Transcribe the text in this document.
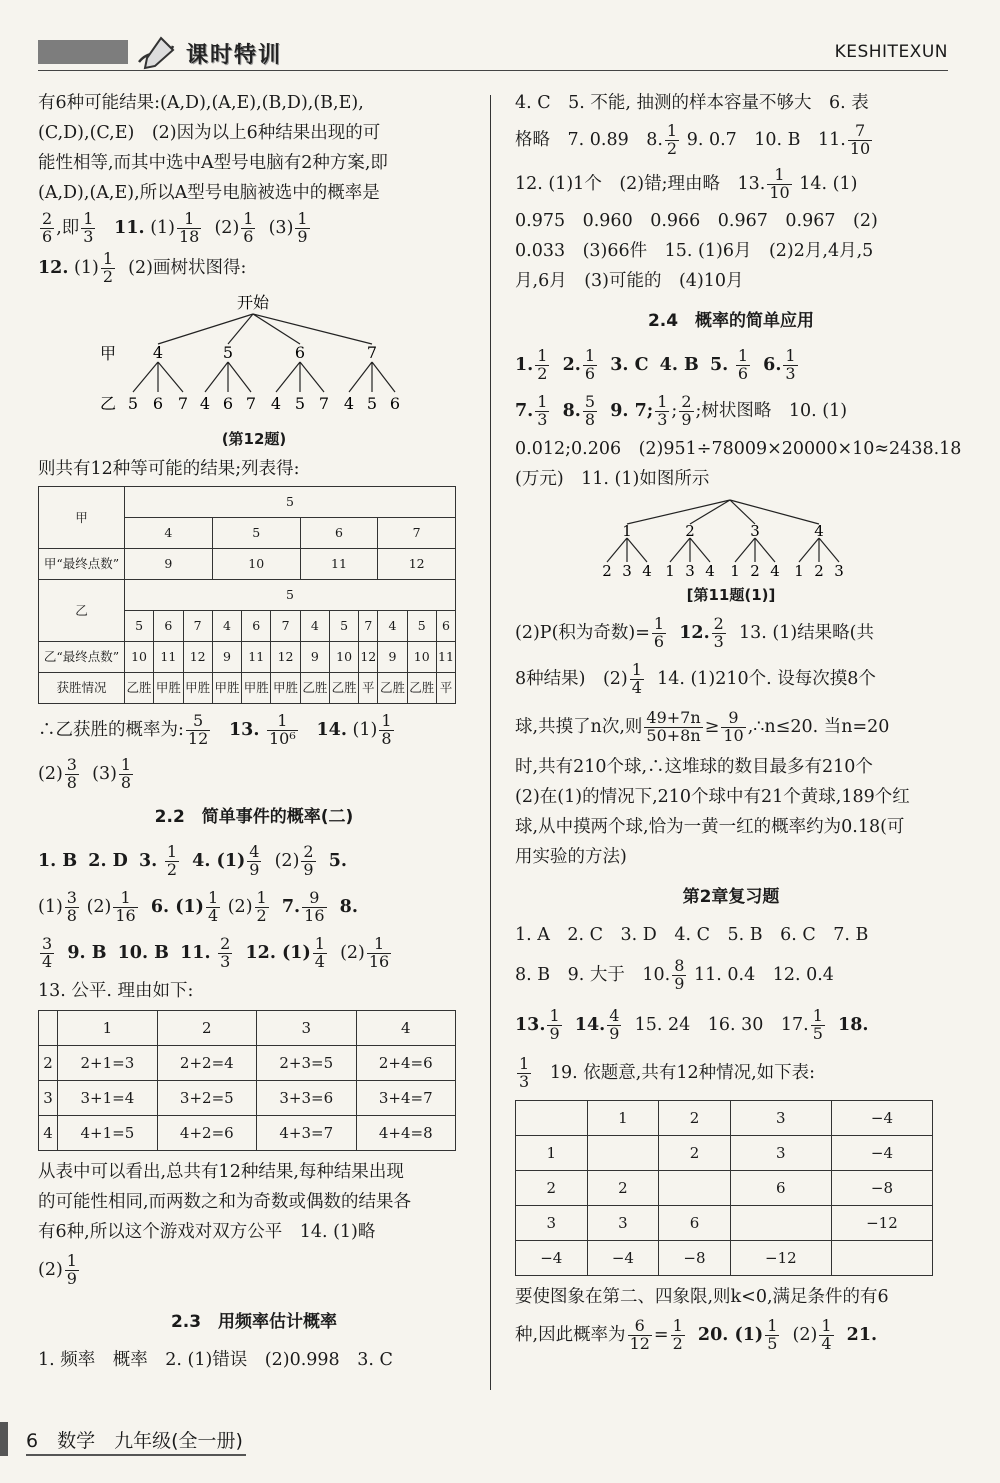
课时特训	KESHITEXUN
有6种可能结果:(A,D),(A,E),(B,D),(B,E),
(C,D),(C,E)　(2)因为以上6种结果出现的可
能性相等,而其中选中A型号电脑有2种方案,即
(A,D),(A,E),所以A型号电脑被选中的概率是
$\frac{2}{6}$ ,即 $\frac{1}{3} 11$. $(1) \frac{1}{18} (2) \frac{1}{6} (3) \frac{1}{9}$
12. $(1) \frac{1}{2} (2)$画树状图得:
开始
甲
乙
4	5	6	7
5 6 7 4 6 7 4 5 7 4 5 6
(第12题)
则共有12种等可能的结果;列表得:
甲	5											
	4			5			6			7		
甲“最终点数”	9			10			11			12		
乙	5											
	5	6	7	4	6	7	4	5	7	4	5	6
乙“最终点数”	10	11	12	9	11	12	9	10	12	9	10	11
获胜情况	乙胜	甲胜	甲胜	甲胜	甲胜	甲胜	乙胜	乙胜	平	乙胜	乙胜	平
∴乙获胜的概率为: $\frac{5}{12} 13$. $\frac{1}{\text{10⁶}} 14$. $(1) \frac{1}{8}$
$(2) \frac{3}{8} (3) \frac{1}{8}$
2.2　简单事件的概率(二)
1. B 2. D 3. $\frac{1}{2} 4$. $(1) \frac{4}{9} (2) \frac{2}{9} 5$.
$(1) \frac{3}{8} (2) \frac{1}{16} 6$. $(1) \frac{1}{4} (2) \frac{1}{2} 7$. $\frac{9}{16} 8$.
$\frac{3}{4} 9$. B 10. B 11. $\frac{2}{3} 12$. $(1) \frac{1}{4} (2) \frac{1}{16}$
13. 公平. 理由如下:
	1	2	3	4
2	2+1=3	2+2=4	2+3=5	2+4=6
3	3+1=4	3+2=5	3+3=6	3+4=7
4	4+1=5	4+2=6	4+3=7	4+4=8
从表中可以看出,总共有12种结果,每种结果出现
的可能性相同,而两数之和为奇数或偶数的结果各
有6种,所以这个游戏对双方公平　14. (1)略
$(2) \frac{1}{9}$
2.3　用频率估计概率
1. 频率　概率　2. (1)错误　(2)0.998　3. C
4. C　5. 不能, 抽测的样本容量不够大　6. 表
格略　7. 0.89　8. $\frac{1}{2} 9$. 0.7　10. B　11. $\frac{7}{10}$
12. (1)1个　(2)错;理由略　13. $\frac{1}{10} 14$. (1)
0.975　0.960　0.966　0.967　0.967　(2)
0.033　(3)66件　15. (1)6月　(2)2月,4月,5
月,6月　(3)可能的　(4)10月
2.4　概率的简单应用
1. $\frac{1}{2} 2$. $\frac{1}{6} 3$. C 4. B 5. $\frac{1}{6} 6$. $\frac{1}{3}$
7. $\frac{1}{3} 8$. $\frac{5}{8} 9$. 7; $\frac{1}{3}$ ; $\frac{2}{9}$ ;树状图略　10. (1)
0.012;0.206　(2)951÷78009×20000×10≈2438.18
(万元)　11. (1)如图所示
1	2	3	4
2 3 4 1 3 4 1 2 4 1 2 3
[第11题(1)]
(2)P(积为奇数)= $\frac{1}{6} 12$. $\frac{2}{3} 13$. (1)结果略(共
8种结果)　$(2) \frac{1}{4} 14$. (1)210个. 设每次摸8个
球,共摸了n次,则 $\frac{49+7n}{50+8n} \ge \frac{9}{10}$ ,∴n≤20. 当n=20
时,共有210个球,∴这堆球的数目最多有210个
(2)在(1)的情况下,210个球中有21个黄球,189个红
球,从中摸两个球,恰为一黄一红的概率约为0.18(可
用实验的方法)
第2章复习题
1. A　2. C　3. D　4. C　5. B　6. C　7. B
8. B　9. 大于　10. $\frac{8}{9} 11$. 0.4　12. 0.4
13. $\frac{1}{9} 14$. $\frac{4}{9} 15$. 24　16. 30　17. $\frac{1}{5} 18$.
$\frac{1}{3} 19$. 依题意,共有12种情况,如下表:
	1	2	3	−4
1		2	3	−4
2	2		6	−8
3	3	6		−12
−4	−4	−8	−12	
要使图象在第二、四象限,则k<0,满足条件的有6
种,因此概率为 $\frac{6}{12} = \frac{1}{2} 20$. $(1) \frac{1}{5} (2) \frac{1}{4} 21$.
6　数学　九年级(全一册)
